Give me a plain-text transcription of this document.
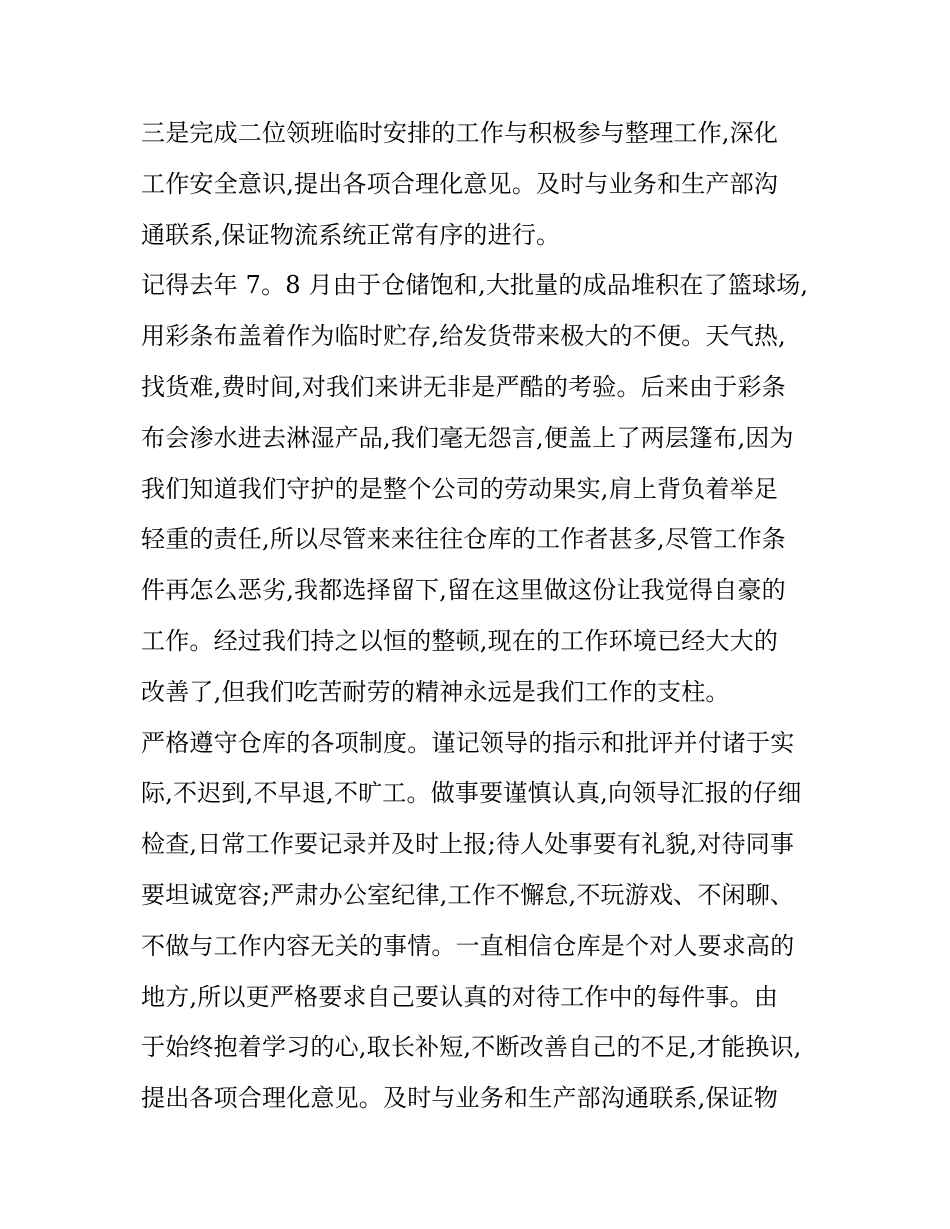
三是完成二位领班临时安排的工作与积极参与整理工作,深化
工作安全意识,提出各项合理化意见。及时与业务和生产部沟
通联系,保证物流系统正常有序的进行。
记得去年 7。8 月由于仓储饱和,大批量的成品堆积在了篮球场,
用彩条布盖着作为临时贮存,给发货带来极大的不便。天气热,
找货难,费时间,对我们来讲无非是严酷的考验。后来由于彩条
布会渗水进去淋湿产品,我们毫无怨言,便盖上了两层篷布,因为
我们知道我们守护的是整个公司的劳动果实,肩上背负着举足
轻重的责任,所以尽管来来往往仓库的工作者甚多,尽管工作条
件再怎么恶劣,我都选择留下,留在这里做这份让我觉得自豪的
工作。经过我们持之以恒的整顿,现在的工作环境已经大大的
改善了,但我们吃苦耐劳的精神永远是我们工作的支柱。
严格遵守仓库的各项制度。谨记领导的指示和批评并付诸于实
际,不迟到,不早退,不旷工。做事要谨慎认真,向领导汇报的仔细
检查,日常工作要记录并及时上报;待人处事要有礼貌,对待同事
要坦诚宽容;严肃办公室纪律,工作不懈怠,不玩游戏、不闲聊、
不做与工作内容无关的事情。一直相信仓库是个对人要求高的
地方,所以更严格要求自己要认真的对待工作中的每件事。由
于始终抱着学习的心,取长补短,不断改善自己的不足,才能换识,
提出各项合理化意见。及时与业务和生产部沟通联系,保证物
